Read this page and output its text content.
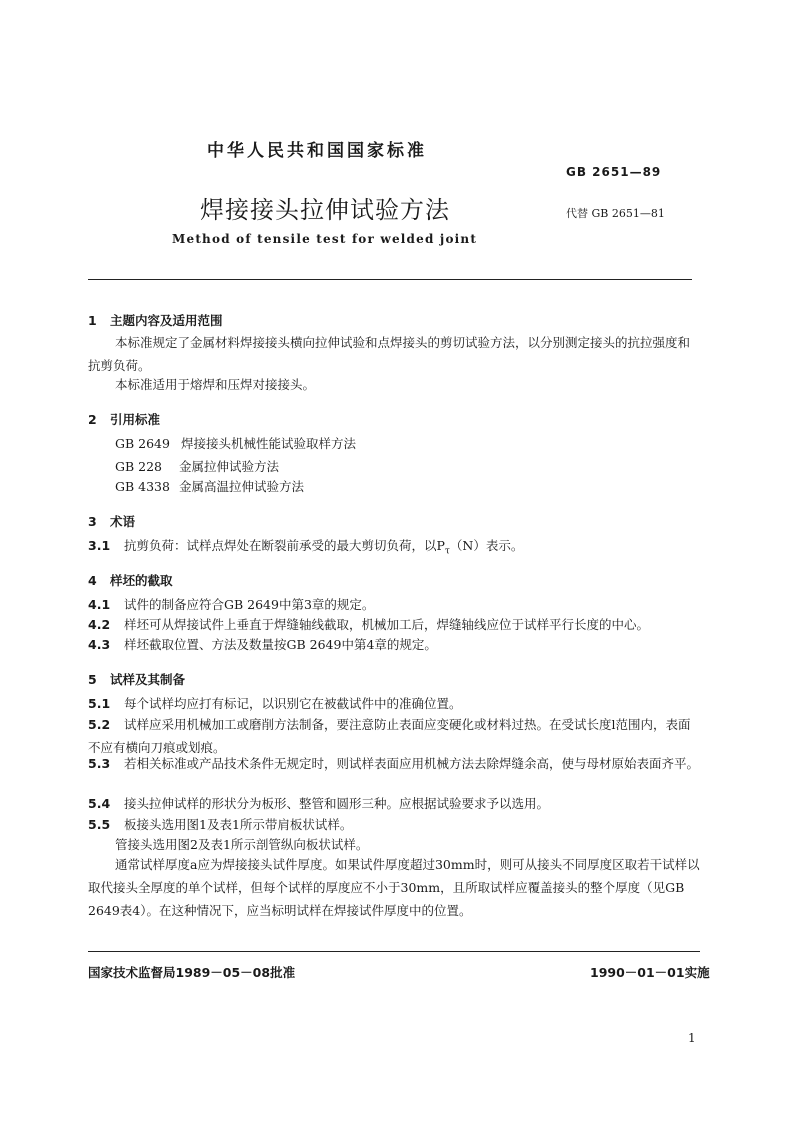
中华人民共和国国家标准
GB 2651—89
焊接接头拉伸试验方法	代替 GB 2651—81
Method of tensile test for welded joint
1 主题内容及适用范围
本标准规定了金属材料焊接接头横向拉伸试验和点焊接头的剪切试验方法，以分别测定接头的抗拉强度和抗剪负荷。
本标准适用于熔焊和压焊对接接头。
2 引用标准
GB 2649 焊接接头机械性能试验取样方法
GB 228 金属拉伸试验方法
GB 4338 金属高温拉伸试验方法
3 术语
3.1 抗剪负荷：试样点焊处在断裂前承受的最大剪切负荷，以$P_\tau(N)$表示。
4 样坯的截取
4.1 试件的制备应符合GB 2649中第3章的规定。
4.2 样坯可从焊接试件上垂直于焊缝轴线截取，机械加工后，焊缝轴线应位于试样平行长度的中心。
4.3 样坯截取位置、方法及数量按GB 2649中第4章的规定。
5 试样及其制备
5.1 每个试样均应打有标记，以识别它在被截试件中的准确位置。
5.2 试样应采用机械加工或磨削方法制备，要注意防止表面应变硬化或材料过热。在受试长度l范围内，表面不应有横向刀痕或划痕。
5.3 若相关标准或产品技术条件无规定时，则试样表面应用机械方法去除焊缝余高，使与母材原始表面齐平。
5.4 接头拉伸试样的形状分为板形、整管和圆形三种。应根据试验要求予以选用。
5.5 板接头选用图1及表1所示带肩板状试样。
管接头选用图2及表1所示剖管纵向板状试样。
通常试样厚度a应为焊接接头试件厚度。如果试件厚度超过30mm时，则可从接头不同厚度区取若干试样以取代接头全厚度的单个试样，但每个试样的厚度应不小于30mm，且所取试样应覆盖接头的整个厚度（见GB 2649表4）。在这种情况下，应当标明试样在焊接试件厚度中的位置。
国家技术监督局1989－05－08批准	1990－01－01实施
1
